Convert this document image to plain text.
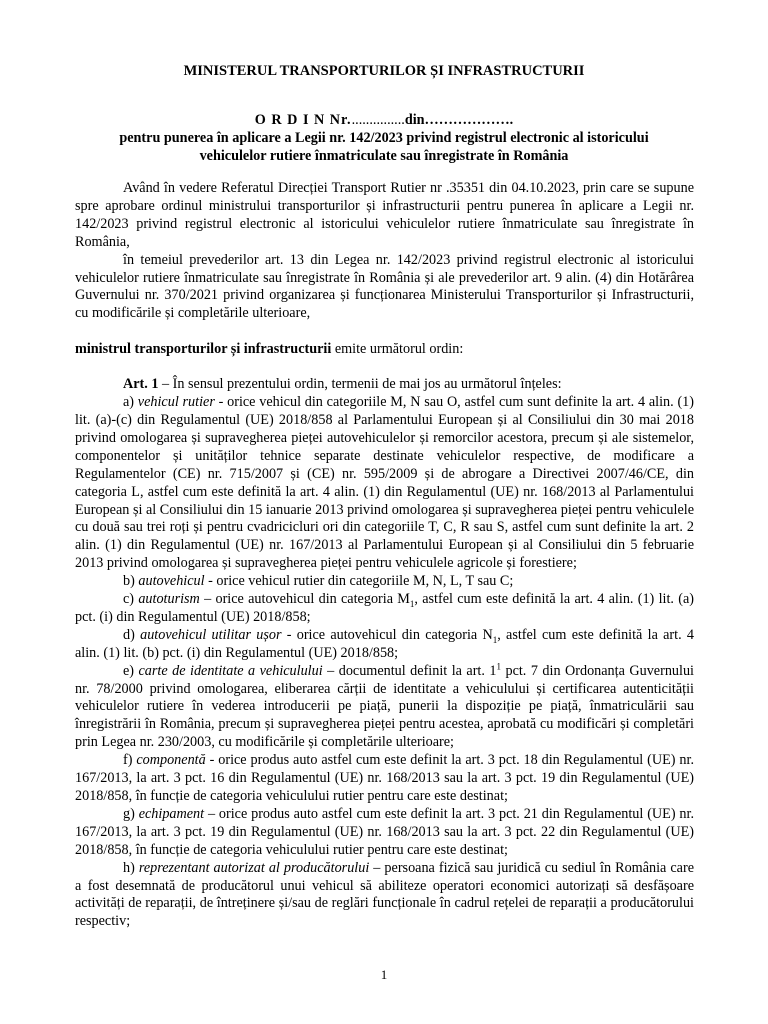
MINISTERUL TRANSPORTURILOR ȘI INFRASTRUCTURII
O R D I N Nr................din……………….
pentru punerea în aplicare a Legii nr. 142/2023 privind registrul electronic al istoricului
vehiculelor rutiere înmatriculate sau înregistrate în România

Având în vedere Referatul Direcției Transport Rutier nr .35351 din 04.10.2023, prin care se supune spre aprobare ordinul ministrului transporturilor și infrastructurii pentru punerea în aplicare a Legii nr. 142/2023 privind registrul electronic al istoricului vehiculelor rutiere înmatriculate sau înregistrate în România,

în temeiul prevederilor art. 13 din Legea nr. 142/2023 privind registrul electronic al istoricului vehiculelor rutiere înmatriculate sau înregistrate în România și ale prevederilor art. 9 alin. (4) din Hotărârea Guvernului nr. 370/2021 privind organizarea și funcționarea Ministerului Transporturilor și Infrastructurii, cu modificările și completările ulterioare,

ministrul transporturilor și infrastructurii emite următorul ordin:

Art. 1 – În sensul prezentului ordin, termenii de mai jos au următorul înțeles:

a) vehicul rutier - orice vehicul din categoriile M, N sau O, astfel cum sunt definite la art. 4 alin. (1) lit. (a)-(c) din Regulamentul (UE) 2018/858 al Parlamentului European și al Consiliului din 30 mai 2018 privind omologarea și supravegherea pieței autovehiculelor și remorcilor acestora, precum și ale sistemelor, componentelor și unităților tehnice separate destinate vehiculelor respective, de modificare a Regulamentelor (CE) nr. 715/2007 și (CE) nr. 595/2009 și de abrogare a Directivei 2007/46/CE, din categoria L, astfel cum este definită la art. 4 alin. (1) din Regulamentul (UE) nr. 168/2013 al Parlamentului European și al Consiliului din 15 ianuarie 2013 privind omologarea și supravegherea pieței pentru vehiculele cu două sau trei roți și pentru cvadricicluri ori din categoriile T, C, R sau S, astfel cum sunt definite la art. 2 alin. (1) din Regulamentul (UE) nr. 167/2013 al Parlamentului European și al Consiliului din 5 februarie 2013 privind omologarea și supravegherea pieței pentru vehiculele agricole și forestiere;

b) autovehicul - orice vehicul rutier din categoriile M, N, L, T sau C;

c) autoturism – orice autovehicul din categoria $M_1$, astfel cum este definită la art. 4 alin. (1) lit. (a) pct. (i) din Regulamentul (UE) 2018/858;

d) autovehicul utilitar ușor - orice autovehicul din categoria $N_1$, astfel cum este definită la art. 4 alin. (1) lit. (b) pct. (i) din Regulamentul (UE) 2018/858;

e) carte de identitate a vehiculului – documentul definit la art. $1^1$ pct. 7 din Ordonanța Guvernului nr. 78/2000 privind omologarea, eliberarea cărții de identitate a vehiculului și certificarea autenticității vehiculelor rutiere în vederea introducerii pe piață, punerii la dispoziție pe piață, înmatriculării sau înregistrării în România, precum și supravegherea pieței pentru acestea, aprobată cu modificări și completări prin Legea nr. 230/2003, cu modificările și completările ulterioare;

f) componentă - orice produs auto astfel cum este definit la art. 3 pct. 18 din Regulamentul (UE) nr. 167/2013, la art. 3 pct. 16 din Regulamentul (UE) nr. 168/2013 sau la art. 3 pct. 19 din Regulamentul (UE) 2018/858, în funcție de categoria vehiculului rutier pentru care este destinat;

g) echipament – orice produs auto astfel cum este definit la art. 3 pct. 21 din Regulamentul (UE) nr. 167/2013, la art. 3 pct. 19 din Regulamentul (UE) nr. 168/2013 sau la art. 3 pct. 22 din Regulamentul (UE) 2018/858, în funcție de categoria vehiculului rutier pentru care este destinat;

h) reprezentant autorizat al producătorului – persoana fizică sau juridică cu sediul în România care a fost desemnată de producătorul unui vehicul să abiliteze operatori economici autorizați să desfășoare activități de reparații, de întreținere și/sau de reglări funcționale în cadrul rețelei de reparații a producătorului respectiv;

1
